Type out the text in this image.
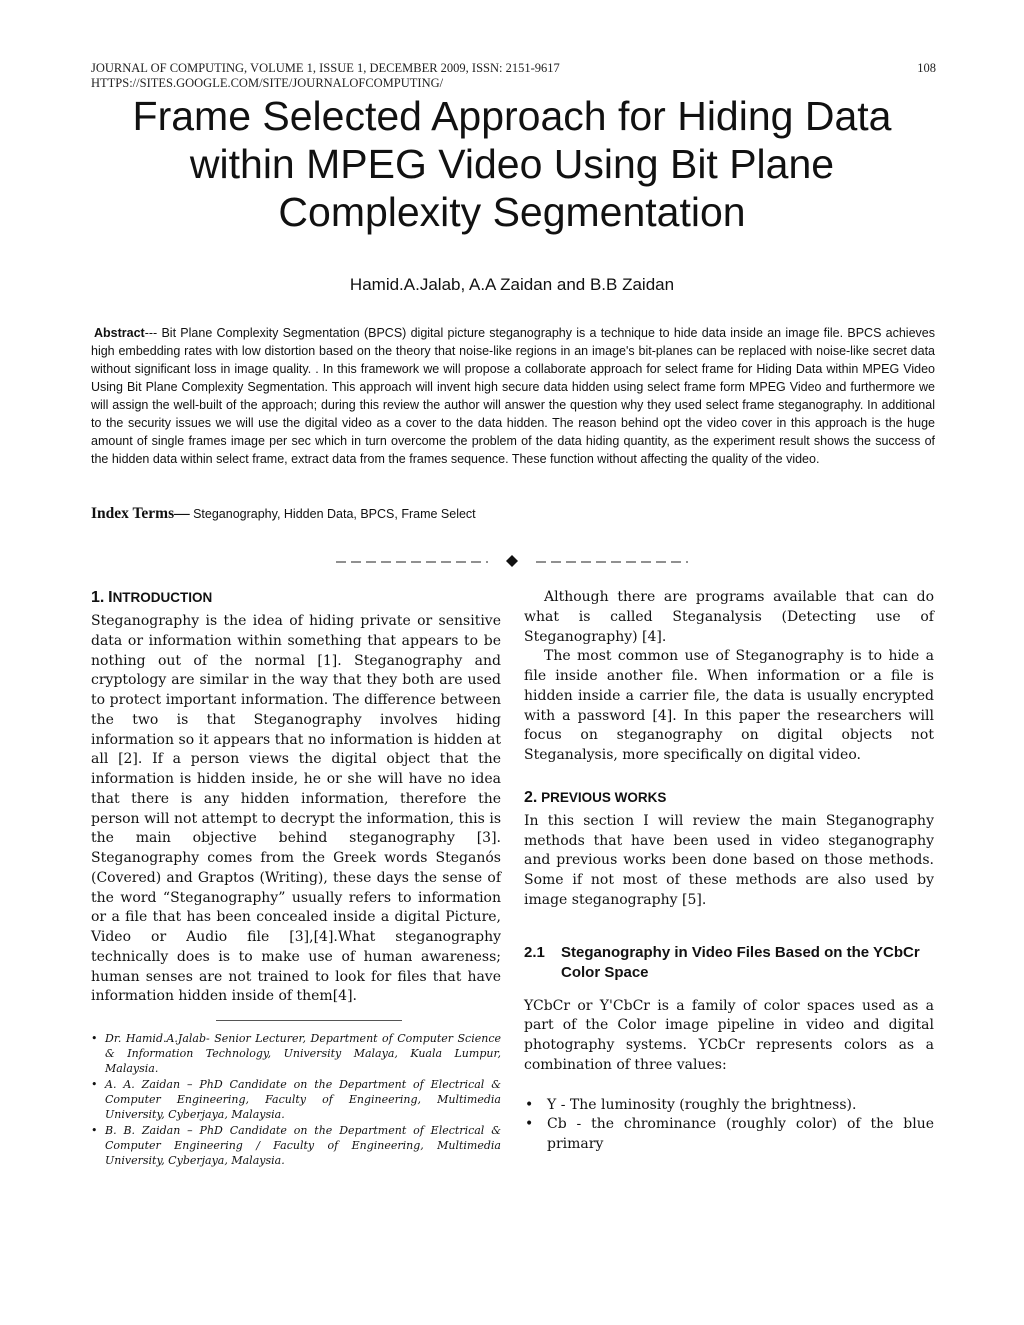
JOURNAL OF COMPUTING, VOLUME 1, ISSUE 1, DECEMBER 2009, ISSN: 2151-9617
HTTPS://SITES.GOOGLE.COM/SITE/JOURNALOFCOMPUTING/
108
Frame Selected Approach for Hiding Data
within MPEG Video Using Bit Plane
Complexity Segmentation
Hamid.A.Jalab, A.A Zaidan and B.B Zaidan
Abstract--- Bit Plane Complexity Segmentation (BPCS) digital picture steganography is a technique to hide data inside an image file. BPCS achieves high embedding rates with low distortion based on the theory that noise-like regions in an image's bit-planes can be replaced with noise-like secret data without significant loss in image quality. . In this framework we will propose a collaborate approach for select frame for Hiding Data within MPEG Video Using Bit Plane Complexity Segmentation. This approach will invent high secure data hidden using select frame form MPEG Video and furthermore we will assign the well-built of the approach; during this review the author will answer the question why they used select frame steganography. In additional to the security issues we will use the digital video as a cover to the data hidden. The reason behind opt the video cover in this approach is the huge amount of single frames image per sec which in turn overcome the problem of the data hiding quantity, as the experiment result shows the success of the hidden data within select frame, extract data from the frames sequence. These function without affecting the quality of the video.
Index Terms— Steganography, Hidden Data, BPCS, Frame Select
1. INTRODUCTION

Steganography is the idea of hiding private or sensitive data or information within something that appears to be nothing out of the normal [1]. Steganography and cryptology are similar in the way that they both are used to protect important information. The difference between the two is that Steganography involves hiding information so it appears that no information is hidden at all [2]. If a person views the digital object that the information is hidden inside, he or she will have no idea that there is any hidden information, therefore the person will not attempt to decrypt the information, this is the main objective behind steganography [3]. Steganography comes from the Greek words Steganós (Covered) and Graptos (Writing), these days the sense of the word “Steganography” usually refers to information or a file that has been concealed inside a digital Picture, Video or Audio file [3],[4].What steganography technically does is to make use of human awareness; human senses are not trained to look for files that have information hidden inside of them[4].

• Dr. Hamid.A.Jalab- Senior Lecturer, Department of Computer Science & Information Technology, University Malaya, Kuala Lumpur, Malaysia.
• A. A. Zaidan – PhD Candidate on the Department of Electrical & Computer Engineering, Faculty of Engineering, Multimedia University, Cyberjaya, Malaysia.
• B. B. Zaidan – PhD Candidate on the Department of Electrical & Computer Engineering / Faculty of Engineering, Multimedia University, Cyberjaya, Malaysia.

Although there are programs available that can do what is called Steganalysis (Detecting use of Steganography) [4].

The most common use of Steganography is to hide a file inside another file. When information or a file is hidden inside a carrier file, the data is usually encrypted with a password [4]. In this paper the researchers will focus on steganography on digital objects not Steganalysis, more specifically on digital video.

2. PREVIOUS WORKS

In this section I will review the main Steganography methods that have been used in video steganography and previous works been done based on those methods. Some if not most of these methods are also used by image steganography [5].

2.1	Steganography in Video Files Based on the YCbCr Color Space

YCbCr or Y'CbCr is a family of color spaces used as a part of the Color image pipeline in video and digital photography systems. YCbCr represents colors as a combination of three values:

• Y - The luminosity (roughly the brightness).
• Cb - the chrominance (roughly color) of the blue primary
